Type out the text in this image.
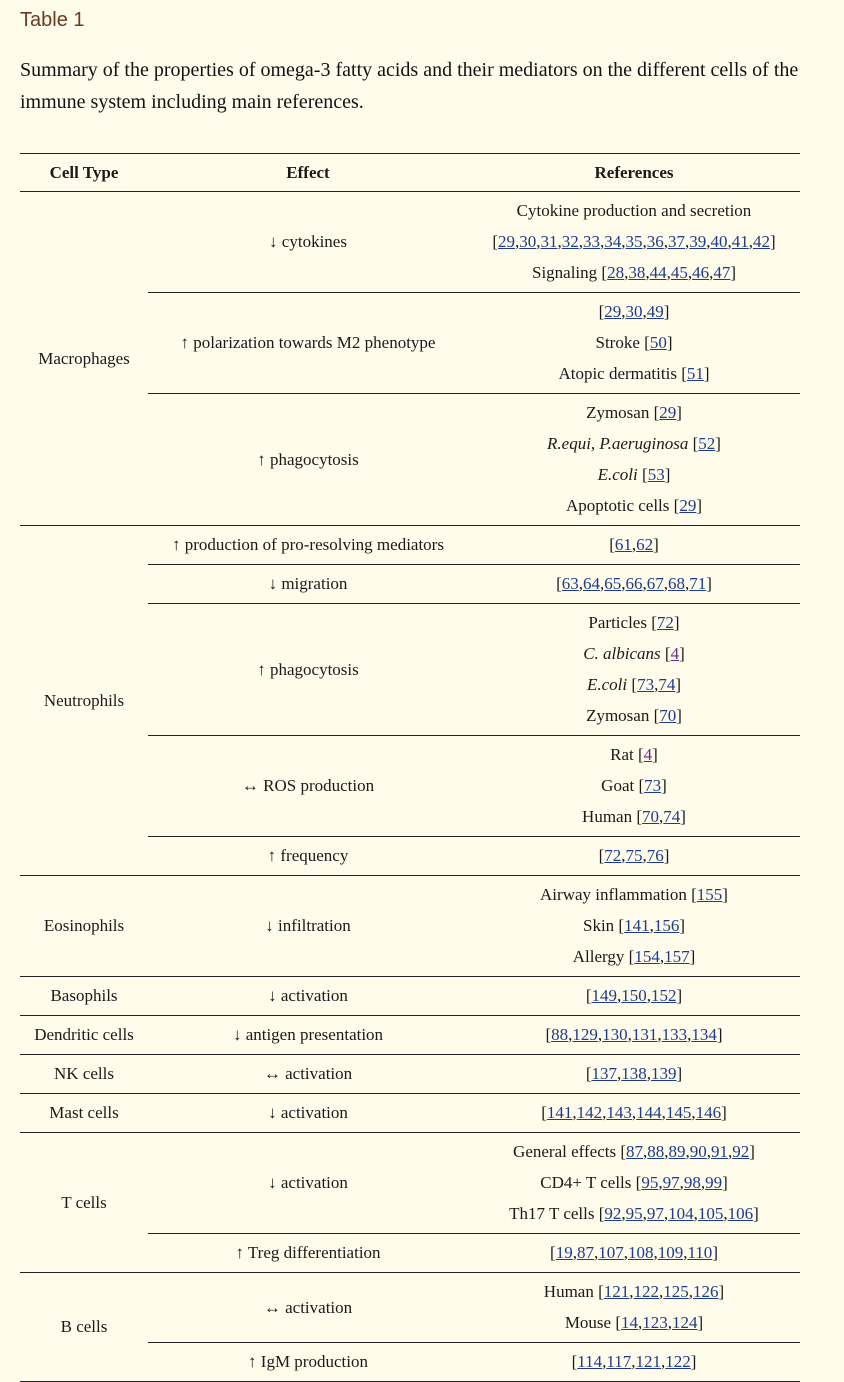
Table 1
Summary of the properties of omega-3 fatty acids and their mediators on the different cells of the immune system including main references.
Cell Type	Effect	References
Macrophages	↓ cytokines	Cytokine production and secretion
[29,30,31,32,33,34,35,36,37,39,40,41,42]
Signaling [28,38,44,45,46,47]

	↑ polarization towards M2 phenotype	[29,30,49]
Stroke [50]
Atopic dermatitis [51]

	↑ phagocytosis	Zymosan [29]
R.equi, P.aeruginosa [52]
E.coli [53]
Apoptotic cells [29]

Neutrophils	↑ production of pro-resolving mediators	[61,62]

	↓ migration	[63,64,65,66,67,68,71]

	↑ phagocytosis	Particles [72]
C. albicans [4]
E.coli [73,74]
Zymosan [70]

	↔ ROS production	Rat [4]
Goat [73]
Human [70,74]

	↑ frequency	[72,75,76]

Eosinophils	↓ infiltration	Airway inflammation [155]
Skin [141,156]
Allergy [154,157]

Basophils	↓ activation	[149,150,152]

Dendritic cells	↓ antigen presentation	[88,129,130,131,133,134]

NK cells	↔ activation	[137,138,139]

Mast cells	↓ activation	[141,142,143,144,145,146]

T cells	↓ activation	General effects [87,88,89,90,91,92]
CD4+ T cells [95,97,98,99]
Th17 T cells [92,95,97,104,105,106]

	↑ Treg differentiation	[19,87,107,108,109,110]

B cells	↔ activation	Human [121,122,125,126]
Mouse [14,123,124]

	↑ IgM production	[114,117,121,122]
